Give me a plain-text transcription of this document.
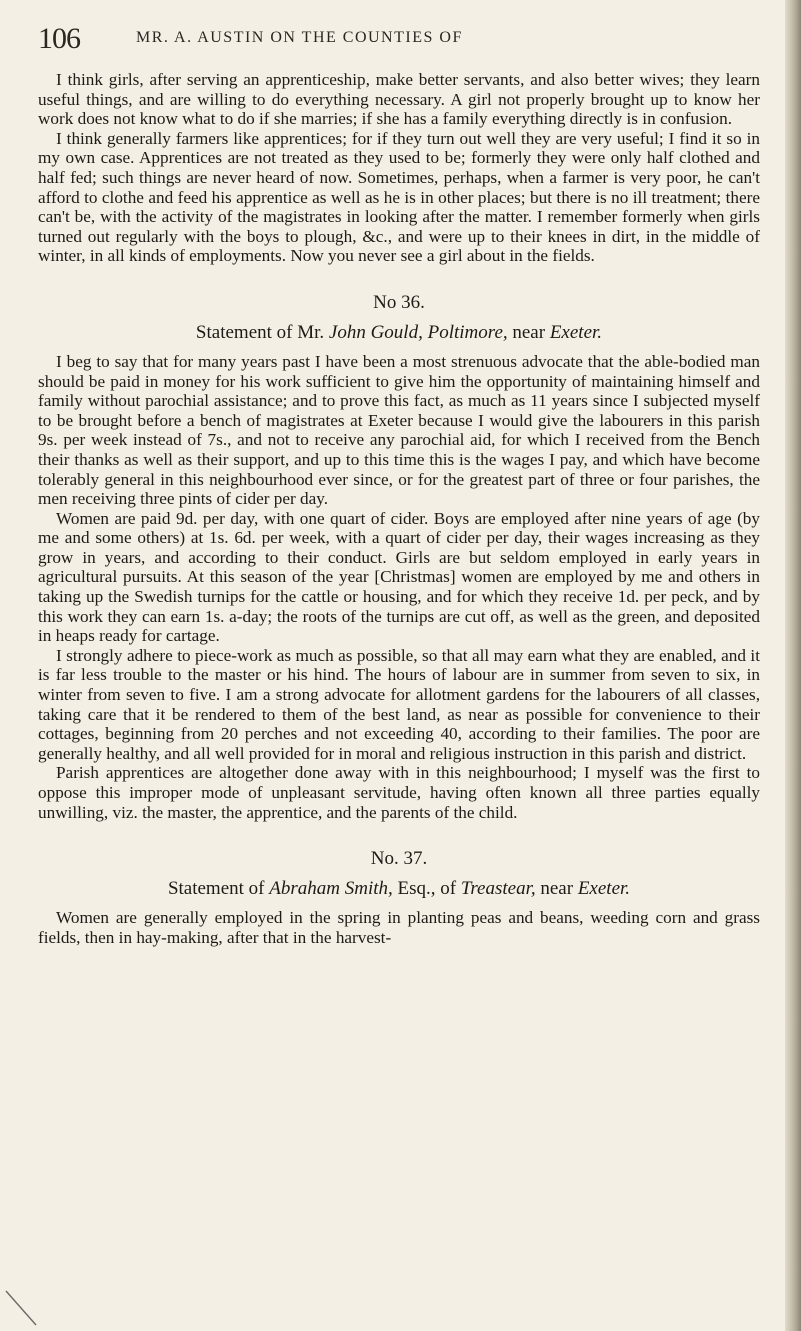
106	MR. A. AUSTIN ON THE COUNTIES OF

I think girls, after serving an apprenticeship, make better servants, and also better wives; they learn useful things, and are willing to do everything necessary. A girl not properly brought up to know her work does not know what to do if she marries; if she has a family everything directly is in confusion.

I think generally farmers like apprentices; for if they turn out well they are very useful; I find it so in my own case. Apprentices are not treated as they used to be; formerly they were only half clothed and half fed; such things are never heard of now. Sometimes, perhaps, when a farmer is very poor, he can't afford to clothe and feed his apprentice as well as he is in other places; but there is no ill treatment; there can't be, with the activity of the magistrates in looking after the matter. I remember formerly when girls turned out regularly with the boys to plough, &c., and were up to their knees in dirt, in the middle of winter, in all kinds of employments. Now you never see a girl about in the fields.

No 36.
Statement of Mr. John Gould, Poltimore, near Exeter.

I beg to say that for many years past I have been a most strenuous advocate that the able-bodied man should be paid in money for his work sufficient to give him the opportunity of maintaining himself and family without parochial assistance; and to prove this fact, as much as 11 years since I subjected myself to be brought before a bench of magistrates at Exeter because I would give the labourers in this parish 9s. per week instead of 7s., and not to receive any parochial aid, for which I received from the Bench their thanks as well as their support, and up to this time this is the wages I pay, and which have become tolerably general in this neighbourhood ever since, or for the greatest part of three or four parishes, the men receiving three pints of cider per day.

Women are paid 9d. per day, with one quart of cider. Boys are employed after nine years of age (by me and some others) at 1s. 6d. per week, with a quart of cider per day, their wages increasing as they grow in years, and according to their conduct. Girls are but seldom employed in early years in agricultural pursuits. At this season of the year [Christmas] women are employed by me and others in taking up the Swedish turnips for the cattle or housing, and for which they receive 1d. per peck, and by this work they can earn 1s. a-day; the roots of the turnips are cut off, as well as the green, and deposited in heaps ready for cartage.

I strongly adhere to piece-work as much as possible, so that all may earn what they are enabled, and it is far less trouble to the master or his hind. The hours of labour are in summer from seven to six, in winter from seven to five. I am a strong advocate for allotment gardens for the labourers of all classes, taking care that it be rendered to them of the best land, as near as possible for convenience to their cottages, beginning from 20 perches and not exceeding 40, according to their families. The poor are generally healthy, and all well provided for in moral and religious instruction in this parish and district.

Parish apprentices are altogether done away with in this neighbourhood; I myself was the first to oppose this improper mode of unpleasant servitude, having often known all three parties equally unwilling, viz. the master, the apprentice, and the parents of the child.

No. 37.
Statement of Abraham Smith, Esq., of Treastear, near Exeter.

Women are generally employed in the spring in planting peas and beans, weeding corn and grass fields, then in hay-making, after that in the harvest-
